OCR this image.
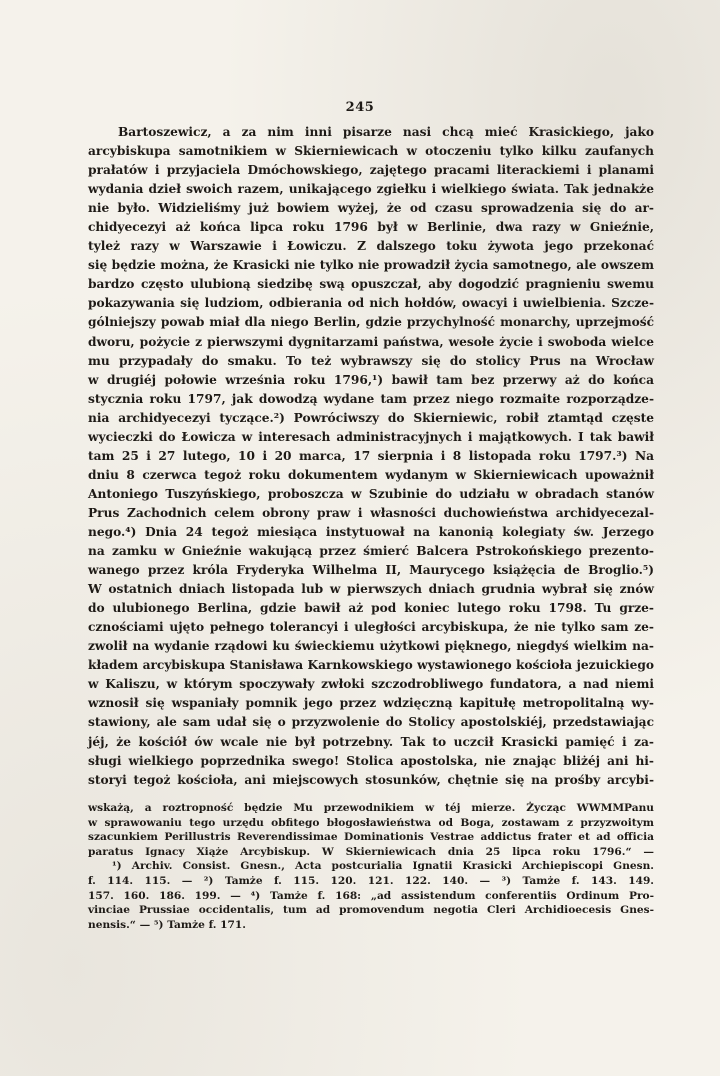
245
Bartoszewicz, a za nim inni pisarze nasi chcą mieć Krasickiego, jako
arcybiskupa samotnikiem w Skierniewicach w otoczeniu tylko kilku zaufanych
prałatów i przyjaciela Dmóchowskiego, zajętego pracami literackiemi i planami
wydania dzieł swoich razem, unikającego zgiełku i wielkiego świata. Tak jednakże
nie było. Widzieliśmy już bowiem wyżej, że od czasu sprowadzenia się do ar-
chidyecezyi aż końca lipca roku 1796 był w Berlinie, dwa razy w Gnieźnie,
tyleż razy w Warszawie i Łowiczu. Z dalszego toku żywota jego przekonać
się będzie można, że Krasicki nie tylko nie prowadził życia samotnego, ale owszem
bardzo często ulubioną siedzibę swą opuszczał, aby dogodzić pragnieniu swemu
pokazywania się ludziom, odbierania od nich hołdów, owacyi i uwielbienia. Szcze-
gólniejszy powab miał dla niego Berlin, gdzie przychylność monarchy, uprzejmość
dworu, pożycie z pierwszymi dygnitarzami państwa, wesołe życie i swoboda wielce
mu przypadały do smaku. To też wybrawszy się do stolicy Prus na Wrocław
w drugiéj połowie września roku 1796,¹) bawił tam bez przerwy aż do końca
stycznia roku 1797, jak dowodzą wydane tam przez niego rozmaite rozporządze-
nia archidyecezyi tyczące.²) Powróciwszy do Skierniewic, robił ztamtąd częste
wycieczki do Łowicza w interesach administracyjnych i majątkowych. I tak bawił
tam 25 i 27 lutego, 10 i 20 marca, 17 sierpnia i 8 listopada roku 1797.³) Na
dniu 8 czerwca tegoż roku dokumentem wydanym w Skierniewicach upoważnił
Antoniego Tuszyńskiego, proboszcza w Szubinie do udziału w obradach stanów
Prus Zachodnich celem obrony praw i własności duchowieństwa archidyecezal-
nego.⁴) Dnia 24 tegoż miesiąca instytuował na kanonią kolegiaty św. Jerzego
na zamku w Gnieźnie wakującą przez śmierć Balcera Pstrokońskiego prezento-
wanego przez króla Fryderyka Wilhelma II, Maurycego książęcia de Broglio.⁵)
W ostatnich dniach listopada lub w pierwszych dniach grudnia wybrał się znów
do ulubionego Berlina, gdzie bawił aż pod koniec lutego roku 1798. Tu grze-
cznościami ujęto pełnego tolerancyi i uległości arcybiskupa, że nie tylko sam ze-
zwolił na wydanie rządowi ku świeckiemu użytkowi pięknego, niegdyś wielkim na-
kładem arcybiskupa Stanisława Karnkowskiego wystawionego kościoła jezuickiego
w Kaliszu, w którym spoczywały zwłoki szczodrobliwego fundatora, a nad niemi
wznosił się wspaniały pomnik jego przez wdzięczną kapitułę metropolitalną wy-
stawiony, ale sam udał się o przyzwolenie do Stolicy apostolskiéj, przedstawiając
jéj, że kościół ów wcale nie był potrzebny. Tak to uczcił Krasicki pamięć i za-
sługi wielkiego poprzednika swego! Stolica apostolska, nie znając bliżéj ani hi-
storyi tegoż kościoła, ani miejscowych stosunków, chętnie się na prośby arcybi-
wskażą, a roztropność będzie Mu przewodnikiem w téj mierze. Życząc WWMMPanu
w sprawowaniu tego urzędu obfitego błogosławieństwa od Boga, zostawam z przyzwoitym
szacunkiem Perillustris Reverendissimae Dominationis Vestrae addictus frater et ad officia
paratus Ignacy Xiąże Arcybiskup. W Skierniewicach dnia 25 lipca roku 1796.“ —
¹) Archiv. Consist. Gnesn., Acta postcurialia Ignatii Krasicki Archiepiscopi Gnesn.
f. 114. 115. — ²) Tamże f. 115. 120. 121. 122. 140. — ³) Tamże f. 143. 149.
157. 160. 186. 199. — ⁴) Tamże f. 168: „ad assistendum conferentiis Ordinum Pro-
vinciae Prussiae occidentalis, tum ad promovendum negotia Cleri Archidioecesis Gnes-
nensis.“ — ⁵) Tamże f. 171.
